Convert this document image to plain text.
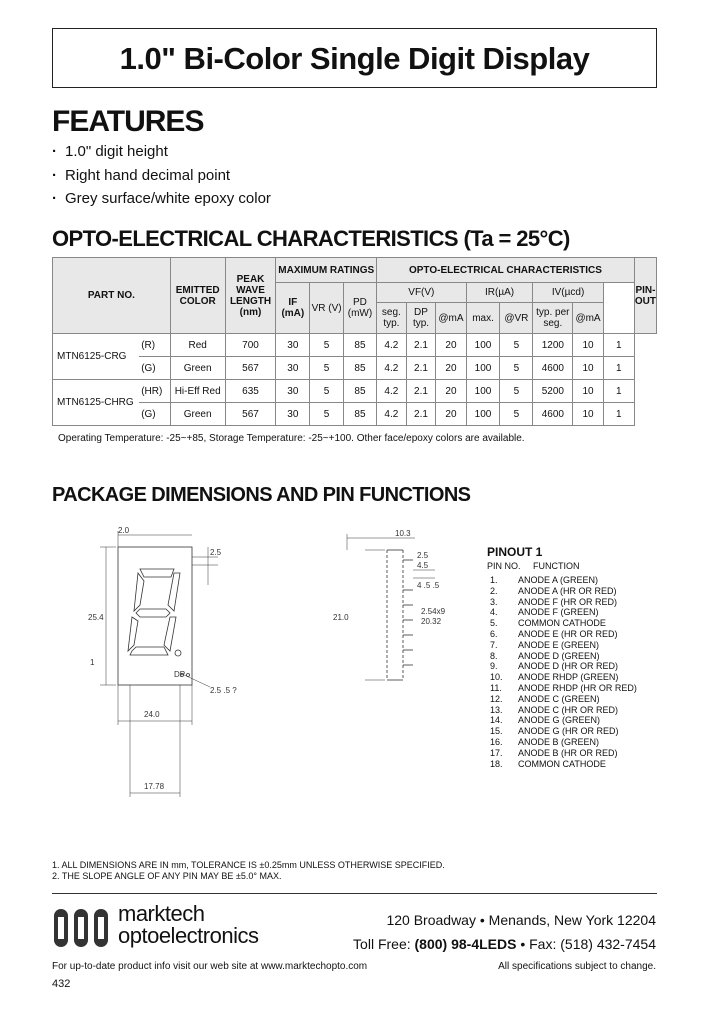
1.0" Bi-Color Single Digit Display
FEATURES
· 1.0" digit height
· Right hand decimal point
· Grey surface/white epoxy color
OPTO-ELECTRICAL CHARACTERISTICS (Ta = 25°C)
PART NO.		EMITTED COLOR	PEAK WAVE LENGTH (nm)	MAXIMUM RATINGS			OPTO-ELECTRICAL CHARACTERISTICS								PIN-OUT
				IF (mA)	VR (V)	PD (mW)	VF(V)			IR(µA)		IV(µcd)			
							seg. typ.	DP typ.	@mA	max.	@VR	typ. per seg.	@mA		
MTN6125-CRG	(R)	Red	700	30	5	85	4.2	2.1	20	100	5	1200	10	1	
	(G)	Green	567	30	5	85	4.2	2.1	20	100	5	4600	10	1	
MTN6125-CHRG	(HR)	Hi-Eff Red	635	30	5	85	4.2	2.1	20	100	5	5200	10	1	
	(G)	Green	567	30	5	85	4.2	2.1	20	100	5	4600	10	1	
Operating Temperature: -25~+85, Storage Temperature: -25~+100. Other face/epoxy colors are available.
PACKAGE DIMENSIONS AND PIN FUNCTIONS
2.0
2.5
25.4
1
DP
2.5 .5 ?
24.0
17.78
10.3
4.5
21.0
2.54x9
20.32
4 .5 .5
2.5	PINOUT 1
PIN NO. FUNCTION
1.	ANODE A (GREEN)
2.	ANODE A (HR OR RED)
3.	ANODE F (HR OR RED)
4.	ANODE F (GREEN)
5.	COMMON CATHODE
6.	ANODE E (HR OR RED)
7.	ANODE E (GREEN)
8.	ANODE D (GREEN)
9.	ANODE D (HR OR RED)
10.	ANODE RHDP (GREEN)
11.	ANODE RHDP (HR OR RED)
12.	ANODE C (GREEN)
13.	ANODE C (HR OR RED)
14.	ANODE G (GREEN)
15.	ANODE G (HR OR RED)
16.	ANODE B (GREEN)
17.	ANODE B (HR OR RED)
18.	COMMON CATHODE
1. ALL DIMENSIONS ARE IN mm, TOLERANCE IS ±0.25mm UNLESS OTHERWISE SPECIFIED.
2. THE SLOPE ANGLE OF ANY PIN MAY BE ±5.0° MAX.
marktech
optoelectronics
120 Broadway • Menands, New York 12204
Toll Free: (800) 98-4LEDS • Fax: (518) 432-7454
For up-to-date product info visit our web site at www.marktechopto.com	All specifications subject to change.
432
